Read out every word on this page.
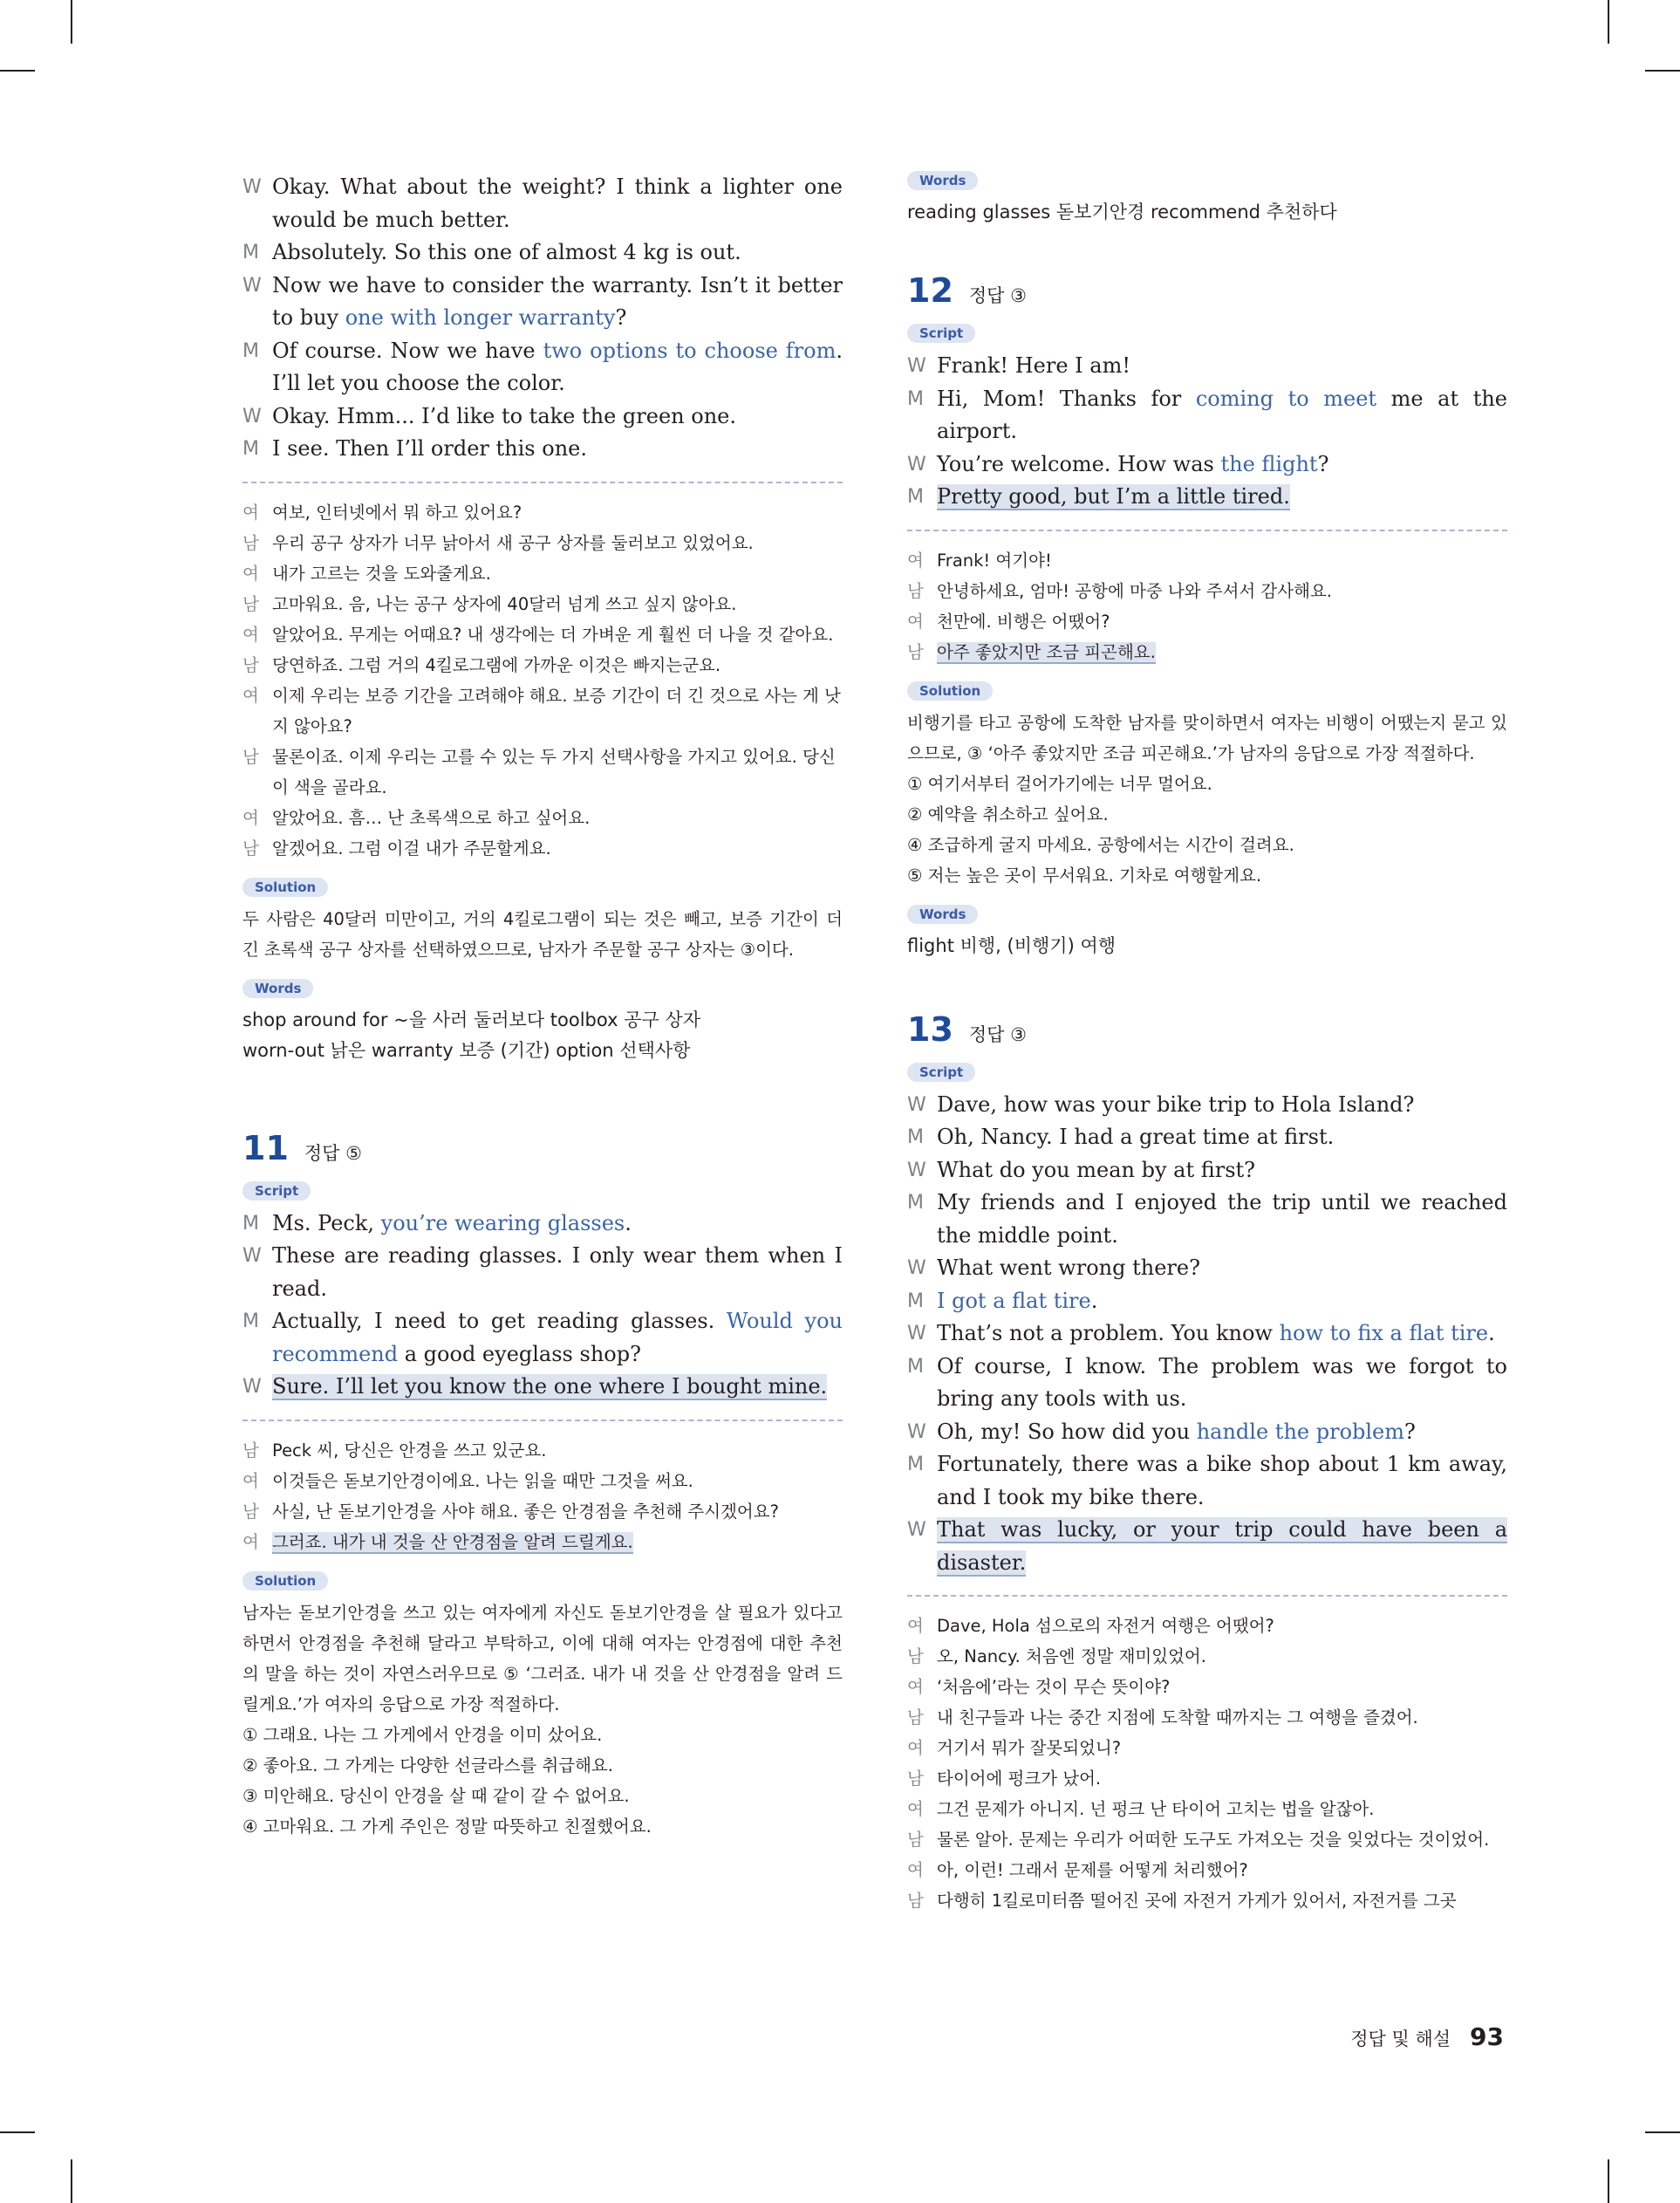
W Okay. What about the weight? I think a lighter one would be much better.

M Absolutely. So this one of almost 4 kg is out.

W Now we have to consider the warranty. Isn’t it better to buy one with longer warranty?

M Of course. Now we have two options to choose from. I’ll let you choose the color.

W Okay. Hmm... I’d like to take the green one.

M I see. Then I’ll order this one.

여 여보, 인터넷에서 뭐 하고 있어요?

남 우리 공구 상자가 너무 낡아서 새 공구 상자를 둘러보고 있었어요.

여 내가 고르는 것을 도와줄게요.

남 고마워요. 음, 나는 공구 상자에 40달러 넘게 쓰고 싶지 않아요.

여 알았어요. 무게는 어때요? 내 생각에는 더 가벼운 게 훨씬 더 나을 것 같아요.

남 당연하죠. 그럼 거의 4킬로그램에 가까운 이것은 빠지는군요.

여 이제 우리는 보증 기간을 고려해야 해요. 보증 기간이 더 긴 것으로 사는 게 낫지 않아요?

남 물론이죠. 이제 우리는 고를 수 있는 두 가지 선택사항을 가지고 있어요. 당신이 색을 골라요.

여 알았어요. 흠… 난 초록색으로 하고 싶어요.

남 알겠어요. 그럼 이걸 내가 주문할게요.

Solution

두 사람은 40달러 미만이고, 거의 4킬로그램이 되는 것은 빼고, 보증 기간이 더 긴 초록색 공구 상자를 선택하였으므로, 남자가 주문할 공구 상자는 ③이다.

Words

shop around for ~을 사러 둘러보다 toolbox 공구 상자

worn-out 낡은 warranty 보증 (기간) option 선택사항

11 정답 ⑤
Script

M Ms. Peck, you’re wearing glasses.

W These are reading glasses. I only wear them when I read.

M Actually, I need to get reading glasses. Would you recommend a good eyeglass shop?

W Sure. I’ll let you know the one where I bought mine.

남 Peck 씨, 당신은 안경을 쓰고 있군요.

여 이것들은 돋보기안경이에요. 나는 읽을 때만 그것을 써요.

남 사실, 난 돋보기안경을 사야 해요. 좋은 안경점을 추천해 주시겠어요?

여 그러죠. 내가 내 것을 산 안경점을 알려 드릴게요.

Solution

남자는 돋보기안경을 쓰고 있는 여자에게 자신도 돋보기안경을 살 필요가 있다고 하면서 안경점을 추천해 달라고 부탁하고, 이에 대해 여자는 안경점에 대한 추천의 말을 하는 것이 자연스러우므로 ⑤ ‘그러죠. 내가 내 것을 산 안경점을 알려 드릴게요.’가 여자의 응답으로 가장 적절하다.

① 그래요. 나는 그 가게에서 안경을 이미 샀어요.

② 좋아요. 그 가게는 다양한 선글라스를 취급해요.

③ 미안해요. 당신이 안경을 살 때 같이 갈 수 없어요.

④ 고마워요. 그 가게 주인은 정말 따뜻하고 친절했어요.

Words

reading glasses 돋보기안경 recommend 추천하다

12 정답 ③
Script

W Frank! Here I am!

M Hi, Mom! Thanks for coming to meet me at the airport.

W You’re welcome. How was the flight?

M Pretty good, but I’m a little tired.

여 Frank! 여기야!

남 안녕하세요, 엄마! 공항에 마중 나와 주셔서 감사해요.

여 천만에. 비행은 어땠어?

남 아주 좋았지만 조금 피곤해요.

Solution

비행기를 타고 공항에 도착한 남자를 맞이하면서 여자는 비행이 어땠는지 묻고 있으므로, ③ ‘아주 좋았지만 조금 피곤해요.’가 남자의 응답으로 가장 적절하다.

① 여기서부터 걸어가기에는 너무 멀어요.

② 예약을 취소하고 싶어요.

④ 조급하게 굴지 마세요. 공항에서는 시간이 걸려요.

⑤ 저는 높은 곳이 무서워요. 기차로 여행할게요.

Words

flight 비행, (비행기) 여행

13 정답 ③
Script

W Dave, how was your bike trip to Hola Island?

M Oh, Nancy. I had a great time at first.

W What do you mean by at first?

M My friends and I enjoyed the trip until we reached the middle point.

W What went wrong there?

M I got a flat tire.

W That’s not a problem. You know how to fix a flat tire.

M Of course, I know. The problem was we forgot to bring any tools with us.

W Oh, my! So how did you handle the problem?

M Fortunately, there was a bike shop about 1 km away, and I took my bike there.

W That was lucky, or your trip could have been a disaster.

여 Dave, Hola 섬으로의 자전거 여행은 어땠어?

남 오, Nancy. 처음엔 정말 재미있었어.

여 ‘처음에’라는 것이 무슨 뜻이야?

남 내 친구들과 나는 중간 지점에 도착할 때까지는 그 여행을 즐겼어.

여 거기서 뭐가 잘못되었니?

남 타이어에 펑크가 났어.

여 그건 문제가 아니지. 넌 펑크 난 타이어 고치는 법을 알잖아.

남 물론 알아. 문제는 우리가 어떠한 도구도 가져오는 것을 잊었다는 것이었어.

여 아, 이런! 그래서 문제를 어떻게 처리했어?

남 다행히 1킬로미터쯤 떨어진 곳에 자전거 가게가 있어서, 자전거를 그곳

정답 및 해설 93
